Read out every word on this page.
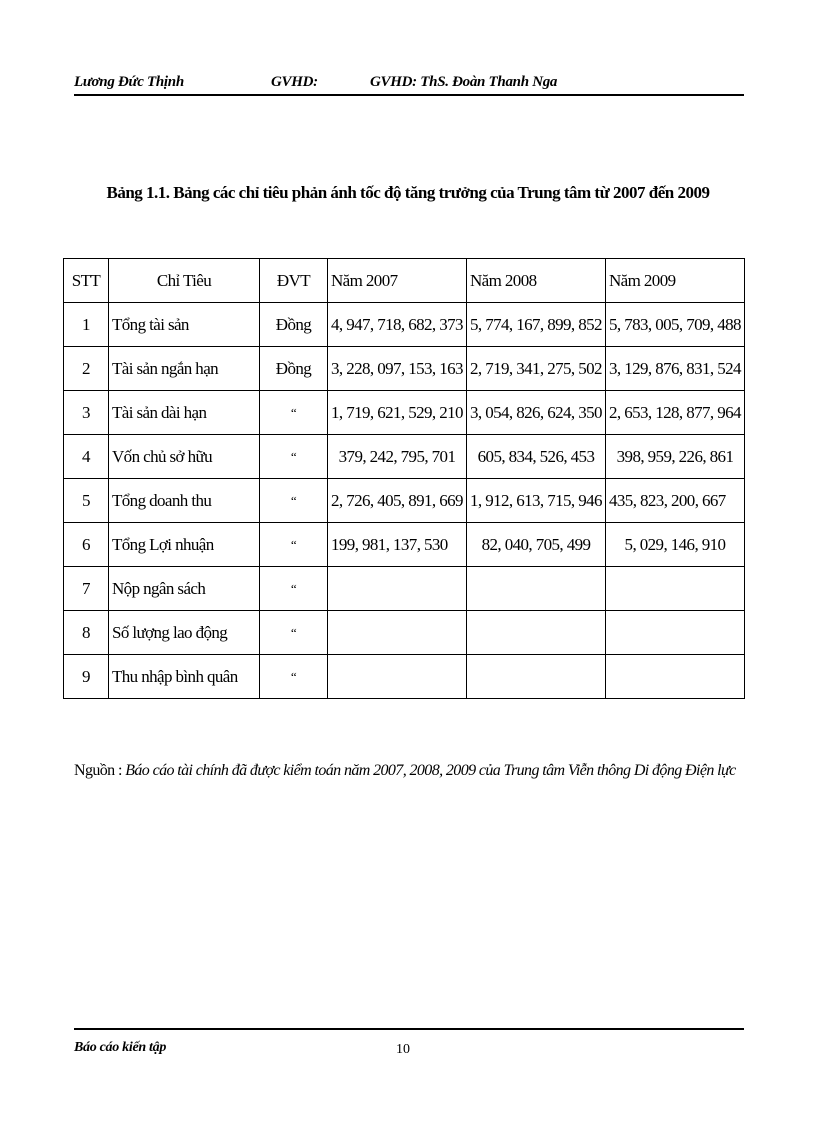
Lương Đức Thịnh	GVHD:	GVHD: ThS. Đoàn Thanh Nga
Bảng 1.1. Bảng các chỉ tiêu phản ánh tốc độ tăng trưởng của Trung tâm từ 2007 đến 2009
STT	Chỉ Tiêu	ĐVT	Năm 2007	Năm 2008	Năm 2009
1	Tổng tài sản	Đồng	4, 947, 718, 682, 373	5, 774, 167, 899, 852	5, 783, 005, 709, 488
2	Tài sản ngắn hạn	Đồng	3, 228, 097, 153, 163	2, 719, 341, 275, 502	3, 129, 876, 831, 524
3	Tài sản dài hạn	“	1, 719, 621, 529, 210	3, 054, 826, 624, 350	2, 653, 128, 877, 964
4	Vốn chủ sở hữu	“	379, 242, 795, 701	605, 834, 526, 453	398, 959, 226, 861
5	Tổng doanh thu	“	2, 726, 405, 891, 669	1, 912, 613, 715, 946	435, 823, 200, 667
6	Tổng Lợi nhuận	“	199, 981, 137, 530	82, 040, 705, 499	5, 029, 146, 910
7	Nộp ngân sách	“			
8	Số lượng lao động	“			
9	Thu nhập bình quân	“			
Nguồn : Báo cáo tài chính đã được kiểm toán năm 2007, 2008, 2009 của Trung tâm Viễn thông Di động Điện lực
Báo cáo kiến tập	10
